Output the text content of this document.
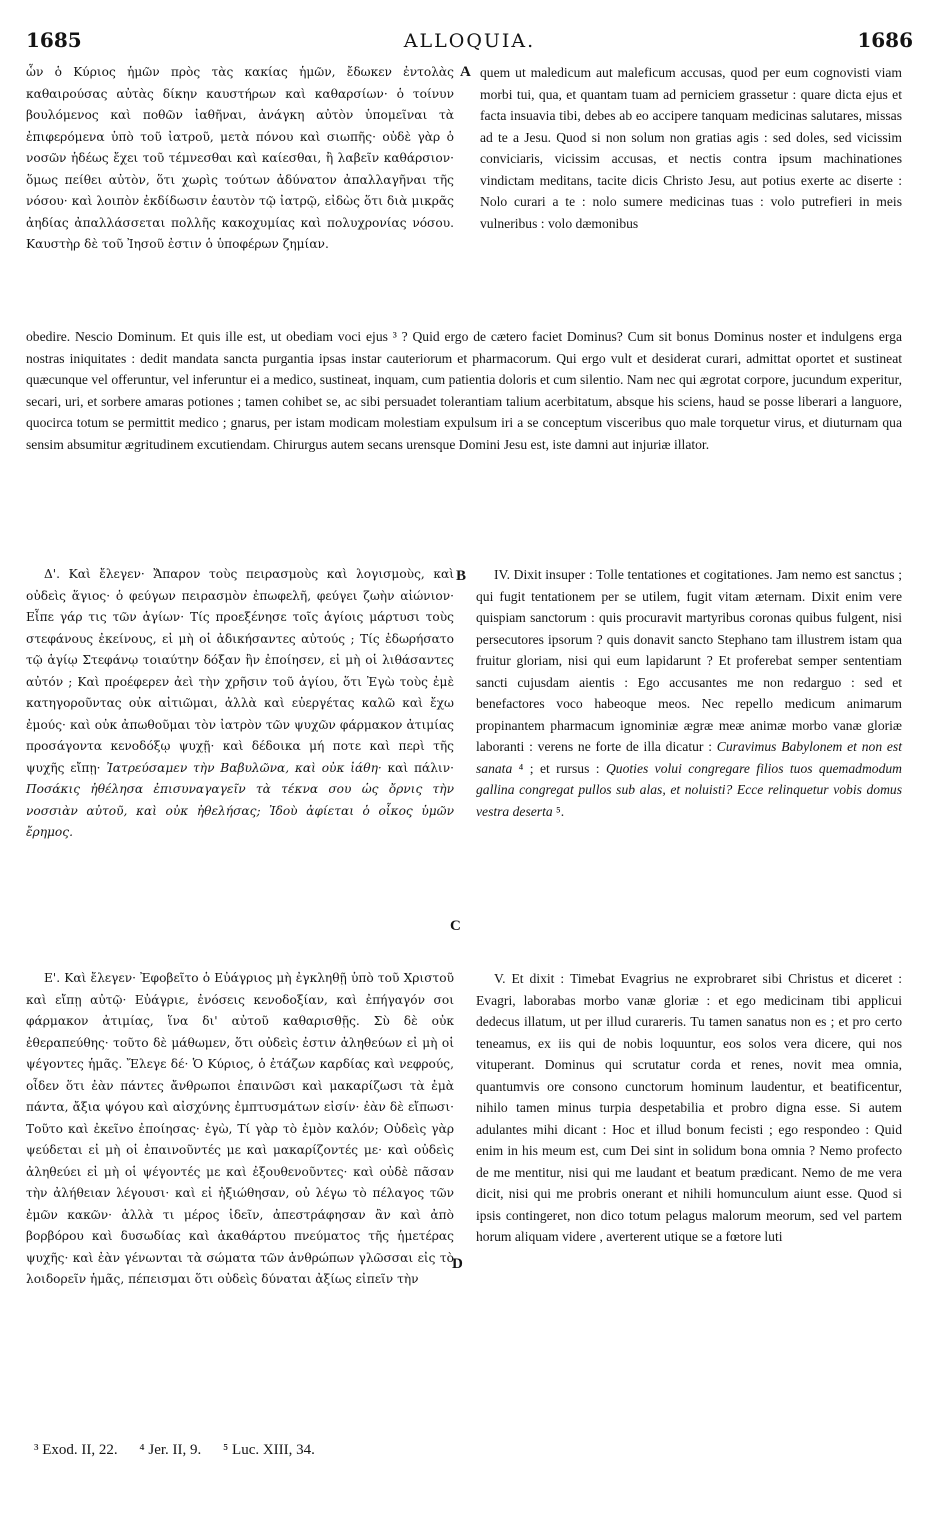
1685	ALLOQUIA.	1686

ὧν ὁ Κύριος ἡμῶν πρὸς τὰς κακίας ἡμῶν, ἔδωκεν ἐντολὰς καθαιρούσας αὐτὰς δίκην καυστήρων καὶ καθαρσίων· ὁ τοίνυν βουλόμενος καὶ ποθῶν ἰαθῆναι, ἀνάγκη αὐτὸν ὑπομεῖναι τὰ ἐπιφερόμενα ὑπὸ τοῦ ἰατροῦ, μετὰ πόνου καὶ σιωπῆς· οὐδὲ γὰρ ὁ νοσῶν ἡδέως ἔχει τοῦ τέμνεσθαι καὶ καίεσθαι, ἢ λαβεῖν καθάρσιον· ὅμως πείθει αὐτὸν, ὅτι χωρὶς τούτων ἀδύνατον ἀπαλλαγῆναι τῆς νόσου· καὶ λοιπὸν ἐκδίδωσιν ἑαυτὸν τῷ ἰατρῷ, εἰδὼς ὅτι διὰ μικρᾶς ἀηδίας ἀπαλλάσσεται πολλῆς κακοχυμίας καὶ πολυχρονίας νόσου. Καυστὴρ δὲ τοῦ Ἰησοῦ ἐστιν ὁ ὑποφέρων ζημίαν.

A quem ut maledicum aut maleficum accusas, quod per eum cognovisti viam morbi tui, qua, et quantam tuam ad perniciem grassetur : quare dicta ejus et facta insuavia tibi, debes ab eo accipere tanquam medicinas salutares, missas ad te a Jesu. Quod si non solum non gratias agis : sed doles, sed vicissim conviciaris, vicissim accusas, et nectis contra ipsum machinationes vindictam meditans, tacite dicis Christo Jesu, aut potius exerte ac diserte : Nolo curari a te : nolo sumere medicinas tuas : volo putrefieri in meis vulneribus : volo dæmonibus

obedire. Nescio Dominum. Et quis ille est, ut obediam voci ejus ³ ? Quid ergo de cætero faciet Dominus? Cum sit bonus Dominus noster et indulgens erga nostras iniquitates : dedit mandata sancta purgantia ipsas instar cauteriorum et pharmacorum. Qui ergo vult et desiderat curari, admittat oportet et sustineat quæcunque vel offeruntur, vel inferuntur ei a medico, sustineat, inquam, cum patientia doloris et cum silentio. Nam nec qui ægrotat corpore, jucundum experitur, secari, uri, et sorbere amaras potiones ; tamen cohibet se, ac sibi persuadet tolerantiam talium acerbitatum, absque his sciens, haud se posse liberari a languore, quocirca totum se permittit medico ; gnarus, per istam modicam molestiam expulsum iri a se conceptum visceribus quo male torquetur virus, et diuturnam qua sensim absumitur ægritudinem excutiendam. Chirurgus autem secans urensque Domini Jesu est, iste damni aut injuriæ illator.

Δ'. Καὶ ἔλεγεν· Ἄπαρον τοὺς πειρασμοὺς καὶ λογισμοὺς, καὶ οὐδεὶς ἅγιος· ὁ φεύγων πειρασμὸν ἐπωφελῆ, φεύγει ζωὴν αἰώνιον· Εἶπε γάρ τις τῶν ἁγίων· Τίς προεξένησε τοῖς ἁγίοις μάρτυσι τοὺς στεφάνους ἐκείνους, εἰ μὴ οἱ ἀδικήσαντες αὐτούς ; Τίς ἐδωρήσατο τῷ ἁγίῳ Στεφάνῳ τοιαύτην δόξαν ἣν ἐποίησεν, εἰ μὴ οἱ λιθάσαντες αὐτόν ; Καὶ προέφερεν ἀεὶ τὴν χρῆσιν τοῦ ἁγίου, ὅτι Ἐγὼ τοὺς ἐμὲ κατηγοροῦντας οὐκ αἰτιῶμαι, ἀλλὰ καὶ εὐεργέτας καλῶ καὶ ἔχω ἐμούς· καὶ οὐκ ἀπωθοῦμαι τὸν ἰατρὸν τῶν ψυχῶν φάρμακον ἀτιμίας προσάγοντα κενοδόξῳ ψυχῇ· καὶ δέδοικα μή ποτε καὶ περὶ τῆς ψυχῆς εἴπῃ· Ἰατρεύσαμεν τὴν Βαβυλῶνα, καὶ οὐκ ἰάθη· καὶ πάλιν· Ποσάκις ἠθέλησα ἐπισυναγαγεῖν τὰ τέκνα σου ὡς ὄρνις τὴν νοσσιὰν αὐτοῦ, καὶ οὐκ ἠθελήσας; Ἰδοὺ ἀφίεται ὁ οἶκος ὑμῶν ἔρημος.

B
C

IV. Dixit insuper : Tolle tentationes et cogitationes. Jam nemo est sanctus ; qui fugit tentationem per se utilem, fugit vitam æternam. Dixit enim vere quispiam sanctorum : quis procuravit martyribus coronas quibus fulgent, nisi persecutores ipsorum ? quis donavit sancto Stephano tam illustrem istam qua fruitur gloriam, nisi qui eum lapidarunt ? Et proferebat semper sententiam sancti cujusdam aientis : Ego accusantes me non redarguo : sed et benefactores voco habeoque meos. Nec repello medicum animarum propinantem pharmacum ignominiæ ægræ meæ animæ morbo vanæ gloriæ laboranti : verens ne forte de illa dicatur : Curavimus Babylonem et non est sanata ⁴ ; et rursus : Quoties volui congregare filios tuos quemadmodum gallina congregat pullos sub alas, et noluisti? Ecce relinquetur vobis domus vestra deserta ⁵.

Ε'. Καὶ ἔλεγεν· Ἐφοβεῖτο ὁ Εὐάγριος μὴ ἐγκληθῇ ὑπὸ τοῦ Χριστοῦ καὶ εἴπῃ αὐτῷ· Εὐάγριε, ἐνόσεις κενοδοξίαν, καὶ ἐπήγαγόν σοι φάρμακον ἀτιμίας, ἵνα δι' αὐτοῦ καθαρισθῇς. Σὺ δὲ οὐκ ἐθεραπεύθης· τοῦτο δὲ μάθωμεν, ὅτι οὐδεὶς ἐστιν ἀληθεύων εἰ μὴ οἱ ψέγοντες ἡμᾶς. Ἔλεγε δέ· Ὁ Κύριος, ὁ ἐτάζων καρδίας καὶ νεφρούς, οἶδεν ὅτι ἐὰν πάντες ἄνθρωποι ἐπαινῶσι καὶ μακαρίζωσι τὰ ἐμὰ πάντα, ἄξια ψόγου καὶ αἰσχύνης ἐμπτυσμάτων εἰσίν· ἐὰν δὲ εἴπωσι· Τοῦτο καὶ ἐκεῖνο ἐποίησας· ἐγὼ, Τί γὰρ τὸ ἐμὸν καλόν; Οὐδεὶς γὰρ ψεύδεται εἰ μὴ οἱ ἐπαινοῦντές με καὶ μακαρίζοντές με· καὶ οὐδεὶς ἀληθεύει εἰ μὴ οἱ ψέγοντές με καὶ ἐξουθενοῦντες· καὶ οὐδὲ πᾶσαν τὴν ἀλήθειαν λέγουσι· καὶ εἰ ἠξιώθησαν, οὐ λέγω τὸ πέλαγος τῶν ἐμῶν κακῶν· ἀλλὰ τι μέρος ἰδεῖν, ἀπεστράφησαν ἂν καὶ ἀπὸ βορβόρου καὶ δυσωδίας καὶ ἀκαθάρτου πνεύματος τῆς ἡμετέρας ψυχῆς· καὶ ἐὰν γένωνται τὰ σώματα τῶν ἀνθρώπων γλῶσσαι εἰς τὸ λοιδορεῖν ἡμᾶς, πέπεισμαι ὅτι οὐδεὶς δύναται ἀξίως εἰπεῖν τὴν

D

V. Et dixit : Timebat Evagrius ne exprobraret sibi Christus et diceret : Evagri, laborabas morbo vanæ gloriæ : et ego medicinam tibi applicui dedecus illatum, ut per illud curareris. Tu tamen sanatus non es ; et pro certo teneamus, ex iis qui de nobis loquuntur, eos solos vera dicere, qui nos vituperant. Dominus qui scrutatur corda et renes, novit mea omnia, quantumvis ore consono cunctorum hominum laudentur, et beatificentur, nihilo tamen minus turpia despetabilia et probro digna esse. Si autem adulantes mihi dicant : Hoc et illud bonum fecisti ; ego respondeo : Quid enim in his meum est, cum Dei sint in solidum bona omnia ? Nemo profecto de me mentitur, nisi qui me laudant et beatum prædicant. Nemo de me vera dicit, nisi qui me probris onerant et nihili homunculum aiunt esse. Quod si ipsis contingeret, non dico totum pelagus malorum meorum, sed vel partem horum aliquam videre , averterent utique se a fœtore luti

³ Exod. II, 22. ⁴ Jer. II, 9. ⁵ Luc. XIII, 34.
